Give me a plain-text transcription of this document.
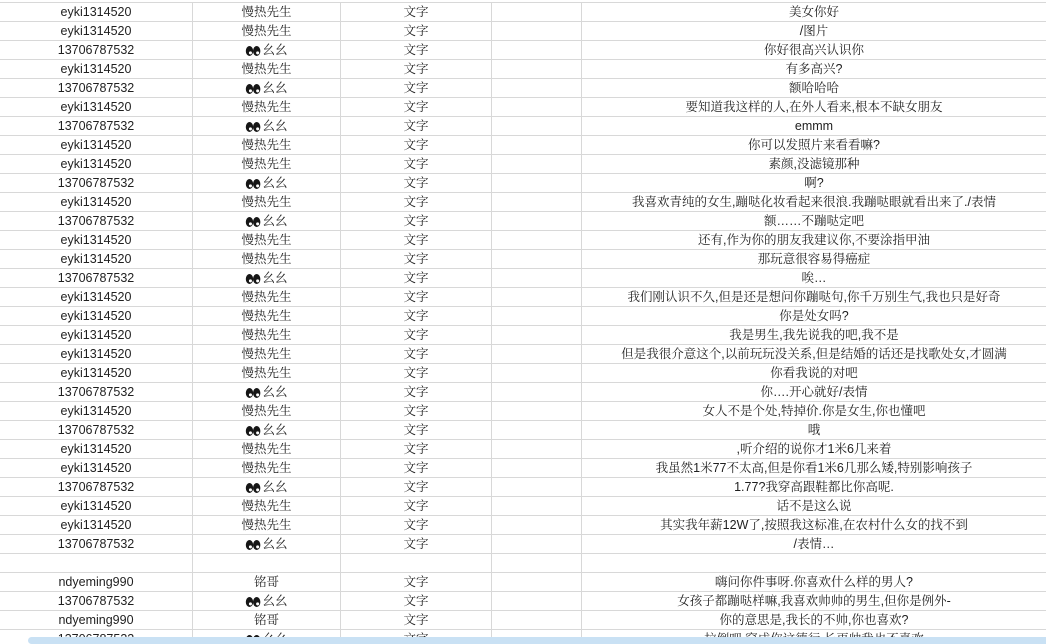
eyki1314520	慢热先生	文字	美女你好
eyki1314520	慢热先生	文字	/图片
13706787532	幺幺	文字	你好很高兴认识你
eyki1314520	慢热先生	文字	有多高兴?
13706787532	幺幺	文字	额哈哈哈
eyki1314520	慢热先生	文字	要知道我这样的人,在外人看来,根本不缺女朋友
13706787532	幺幺	文字	emmm
eyki1314520	慢热先生	文字	你可以发照片来看看嘛?
eyki1314520	慢热先生	文字	素颜,没滤镜那种
13706787532	幺幺	文字	啊?
eyki1314520	慢热先生	文字	我喜欢青纯的女生,蹦哒化妆看起来很浪.我蹦哒眼就看出来了./表情
13706787532	幺幺	文字	额……不蹦哒定吧
eyki1314520	慢热先生	文字	还有,作为你的朋友我建议你,不要涂指甲油
eyki1314520	慢热先生	文字	那玩意很容易得癌症
13706787532	幺幺	文字	唉…
eyki1314520	慢热先生	文字	我们刚认识不久,但是还是想问你蹦哒句,你千万别生气,我也只是好奇
eyki1314520	慢热先生	文字	你是处女吗?
eyki1314520	慢热先生	文字	我是男生,我先说我的吧,我不是
eyki1314520	慢热先生	文字	但是我很介意这个,以前玩玩没关系,但是结婚的话还是找歌处女,才圆满
eyki1314520	慢热先生	文字	你看我说的对吧
13706787532	幺幺	文字	你….开心就好/表情
eyki1314520	慢热先生	文字	女人不是个处,特掉价.你是女生,你也懂吧
13706787532	幺幺	文字	哦
eyki1314520	慢热先生	文字	,听介绍的说你才1米6几来着
eyki1314520	慢热先生	文字	我虽然1米77不太高,但是你看1米6几那么矮,特别影响孩子
13706787532	幺幺	文字	1.77?我穿高跟鞋都比你高呢.
eyki1314520	慢热先生	文字	话不是这么说
eyki1314520	慢热先生	文字	其实我年薪12W了,按照我这标准,在农村什么女的找不到
13706787532	幺幺	文字	/表情…
ndyeming990	铭哥	文字	嗨问你件事呀.你喜欢什么样的男人?
13706787532	幺幺	文字	女孩子都蹦哒样嘛,我喜欢帅帅的男生,但你是例外-
ndyeming990	铭哥	文字	你的意思是,我长的不帅,你也喜欢?
